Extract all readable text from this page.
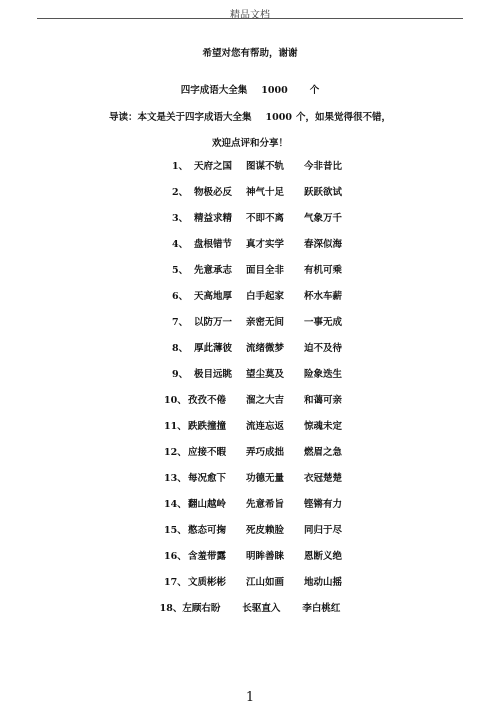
精品文档
希望对您有帮助，谢谢
四字成语大全集 1000 个
导读：本文是关于四字成语大全集 1000 个，如果觉得很不错，
欢迎点评和分享！
1、 天府之国 图谋不轨 今非昔比
2、 物极必反 神气十足 跃跃欲试
3、 精益求精 不即不离 气象万千
4、 盘根错节 真才实学 春深似海
5、 先意承志 面目全非 有机可乘
6、 天高地厚 白手起家 杯水车薪
7、 以防万一 亲密无间 一事无成
8、 厚此薄彼 流绪微梦 迫不及待
9、 极目远眺 望尘莫及 险象迭生
10、 孜孜不倦 溜之大吉 和蔼可亲
11、 跌跌撞撞 流连忘返 惊魂未定
12、 应接不暇 弄巧成拙 燃眉之急
13、 每况愈下 功德无量 衣冠楚楚
14、 翻山越岭 先意希旨 铿锵有力
15、 憨态可掬 死皮赖脸 同归于尽
16、 含羞带露 明眸善睐 恩断义绝
17、 文质彬彬 江山如画 地动山摇
18、左顾右盼 长驱直入 李白桃红
1
